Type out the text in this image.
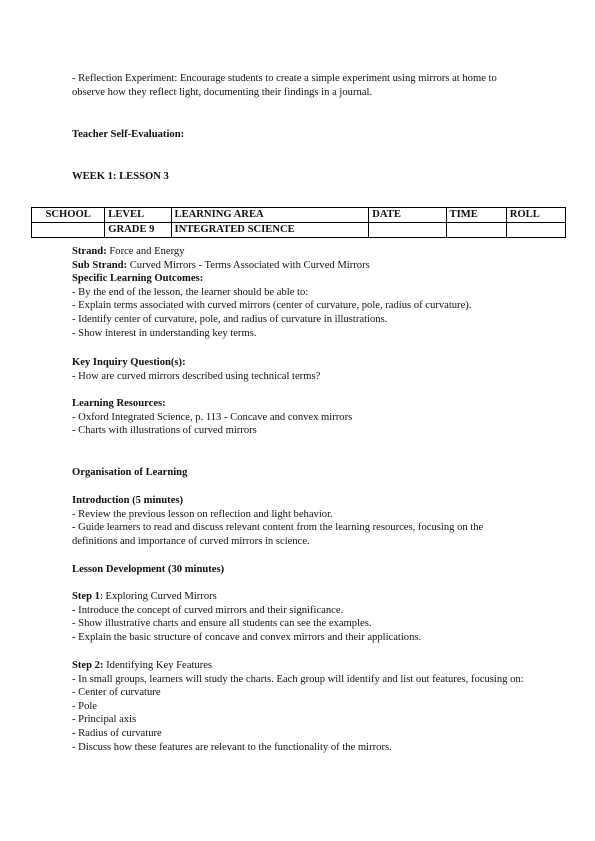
- Reflection Experiment: Encourage students to create a simple experiment using mirrors at home to observe how they reflect light, documenting their findings in a journal.

Teacher Self-Evaluation:

WEEK 1: LESSON 3

SCHOOL	LEVEL	LEARNING AREA	DATE	TIME	ROLL
	GRADE 9	INTEGRATED SCIENCE			

Strand: Force and Energy

Sub Strand: Curved Mirrors - Terms Associated with Curved Mirrors

Specific Learning Outcomes:

- By the end of the lesson, the learner should be able to:

- Explain terms associated with curved mirrors (center of curvature, pole, radius of curvature).

- Identify center of curvature, pole, and radius of curvature in illustrations.

- Show interest in understanding key terms.

Key Inquiry Question(s):

- How are curved mirrors described using technical terms?

Learning Resources:

- Oxford Integrated Science, p. 113 - Concave and convex mirrors

- Charts with illustrations of curved mirrors

Organisation of Learning

Introduction (5 minutes)

- Review the previous lesson on reflection and light behavior.

- Guide learners to read and discuss relevant content from the learning resources, focusing on the definitions and importance of curved mirrors in science.

Lesson Development (30 minutes)

Step 1: Exploring Curved Mirrors

- Introduce the concept of curved mirrors and their significance.

- Show illustrative charts and ensure all students can see the examples.

- Explain the basic structure of concave and convex mirrors and their applications.

Step 2: Identifying Key Features

- In small groups, learners will study the charts. Each group will identify and list out features, focusing on:

- Center of curvature

- Pole

- Principal axis

- Radius of curvature

- Discuss how these features are relevant to the functionality of the mirrors.
